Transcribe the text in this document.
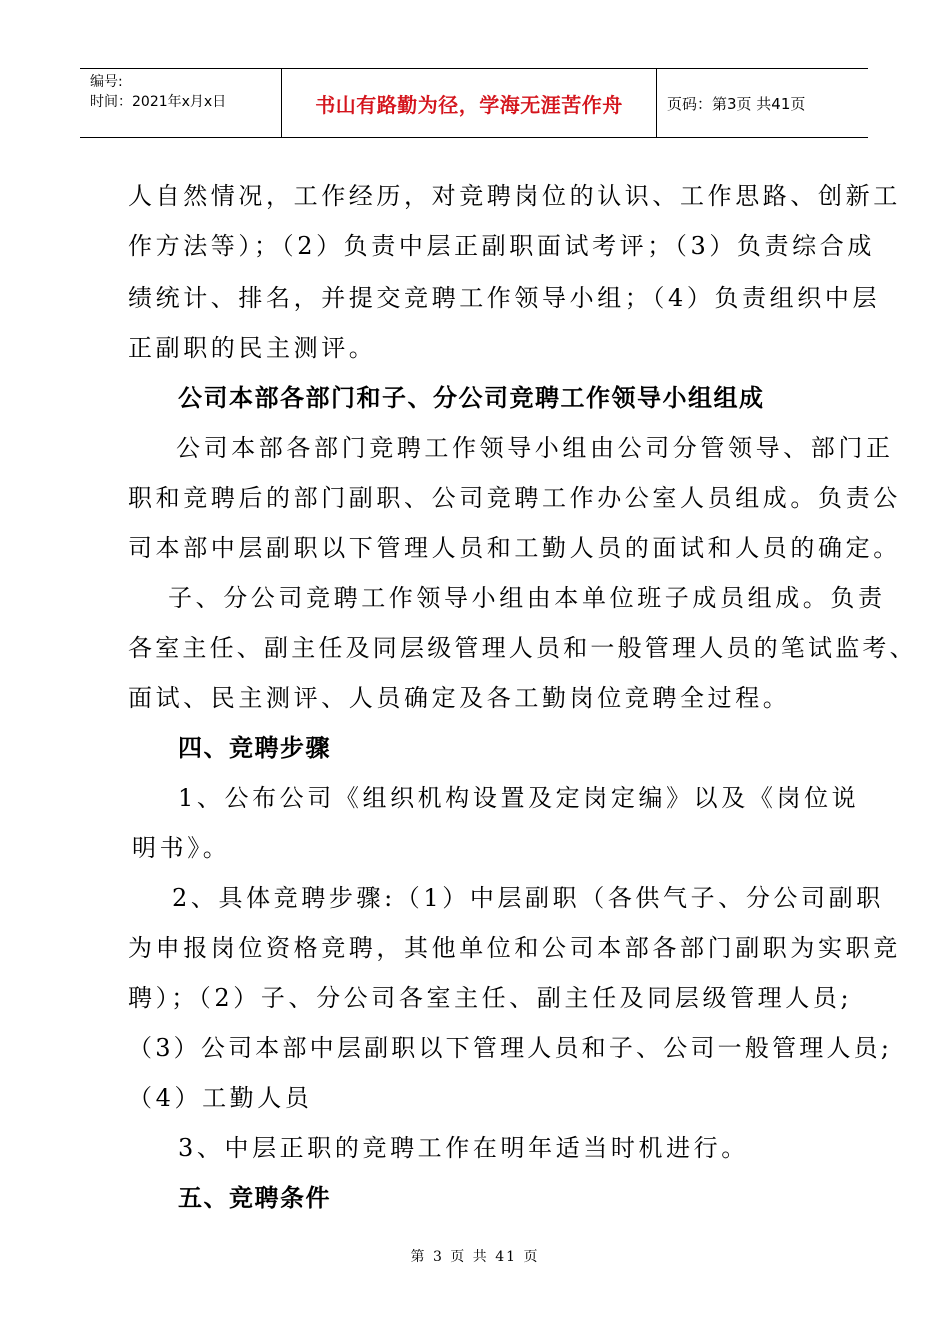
编号:
时间：2021年x月x日	书山有路勤为径，学海无涯苦作舟	页码：第3页 共41页
人自然情况，工作经历，对竞聘岗位的认识、工作思路、创新工
作方法等）；（2）负责中层正副职面试考评；（3）负责综合成
绩统计、排名，并提交竞聘工作领导小组；（4）负责组织中层
正副职的民主测评。
公司本部各部门和子、分公司竞聘工作领导小组组成
公司本部各部门竞聘工作领导小组由公司分管领导、部门正
职和竞聘后的部门副职、公司竞聘工作办公室人员组成。负责公
司本部中层副职以下管理人员和工勤人员的面试和人员的确定。
子、分公司竞聘工作领导小组由本单位班子成员组成。负责
各室主任、副主任及同层级管理人员和一般管理人员的笔试监考、
面试、民主测评、人员确定及各工勤岗位竞聘全过程。
四、竞聘步骤
1、公布公司《组织机构设置及定岗定编》以及《岗位说
明书》。
2、具体竞聘步骤:（1）中层副职（各供气子、分公司副职
为申报岗位资格竞聘，其他单位和公司本部各部门副职为实职竞
聘）；（2）子、分公司各室主任、副主任及同层级管理人员;
（3）公司本部中层副职以下管理人员和子、公司一般管理人员;
（4）工勤人员
3、中层正职的竞聘工作在明年适当时机进行。
五、竞聘条件
第 3 页 共 41 页
